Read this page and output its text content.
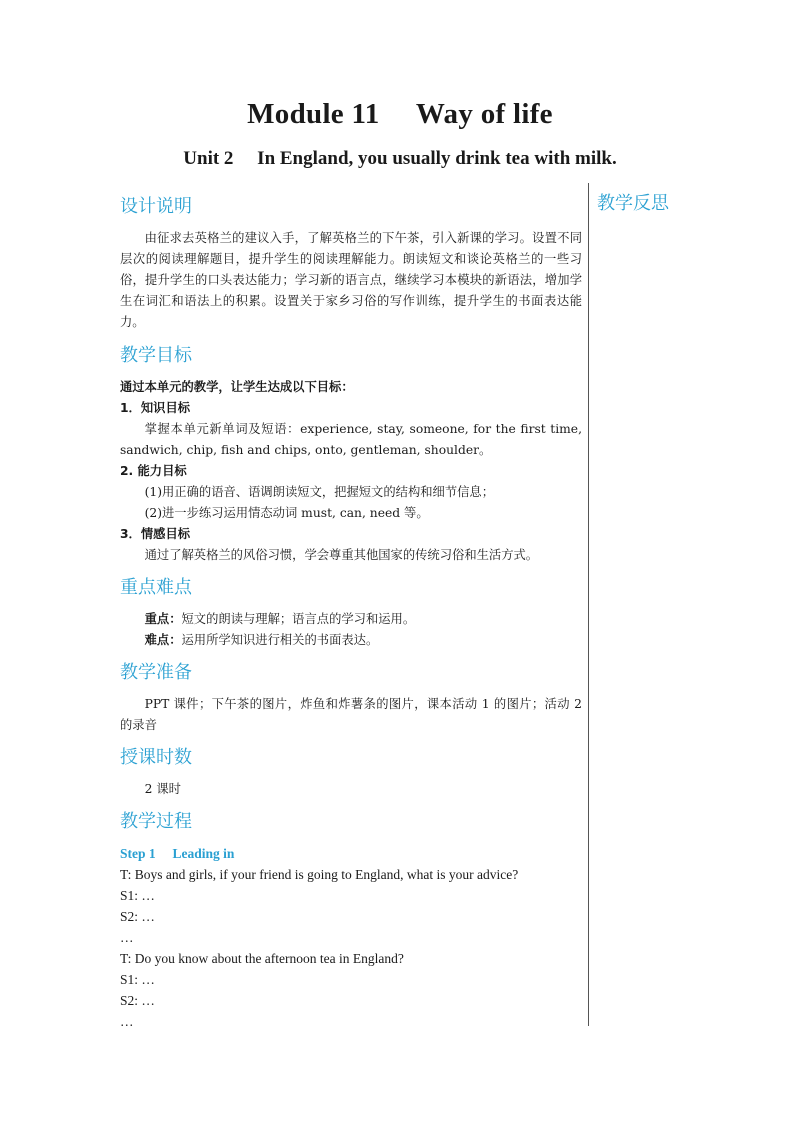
Module 11  Way of life
Unit 2  In England, you usually drink tea with milk.
教学反思
设计说明

由征求去英格兰的建议入手，了解英格兰的下午茶，引入新课的学习。设置不同层次的阅读理解题目，提升学生的阅读理解能力。朗读短文和谈论英格兰的一些习俗，提升学生的口头表达能力；学习新的语言点，继续学习本模块的新语法，增加学生在词汇和语法上的积累。设置关于家乡习俗的写作训练，提升学生的书面表达能力。

教学目标

通过本单元的教学，让学生达成以下目标：

1．知识目标

掌握本单元新单词及短语：experience, stay, someone, for the first time, sandwich, chip, fish and chips, onto, gentleman, shoulder。

2. 能力目标

(1)用正确的语音、语调朗读短文，把握短文的结构和细节信息；

(2)进一步练习运用情态动词 must, can, need 等。

3．情感目标

通过了解英格兰的风俗习惯，学会尊重其他国家的传统习俗和生活方式。

重点难点

重点：短文的朗读与理解；语言点的学习和运用。

难点：运用所学知识进行相关的书面表达。

教学准备

PPT 课件；下午茶的图片，炸鱼和炸薯条的图片，课本活动 1 的图片；活动 2 的录音

授课时数

2 课时

教学过程
Step 1  Leading in
T: Boys and girls, if your friend is going to England, what is your advice?
S1: …
S2: …
…
T: Do you know about the afternoon tea in England?
S1: …
S2: …
…
